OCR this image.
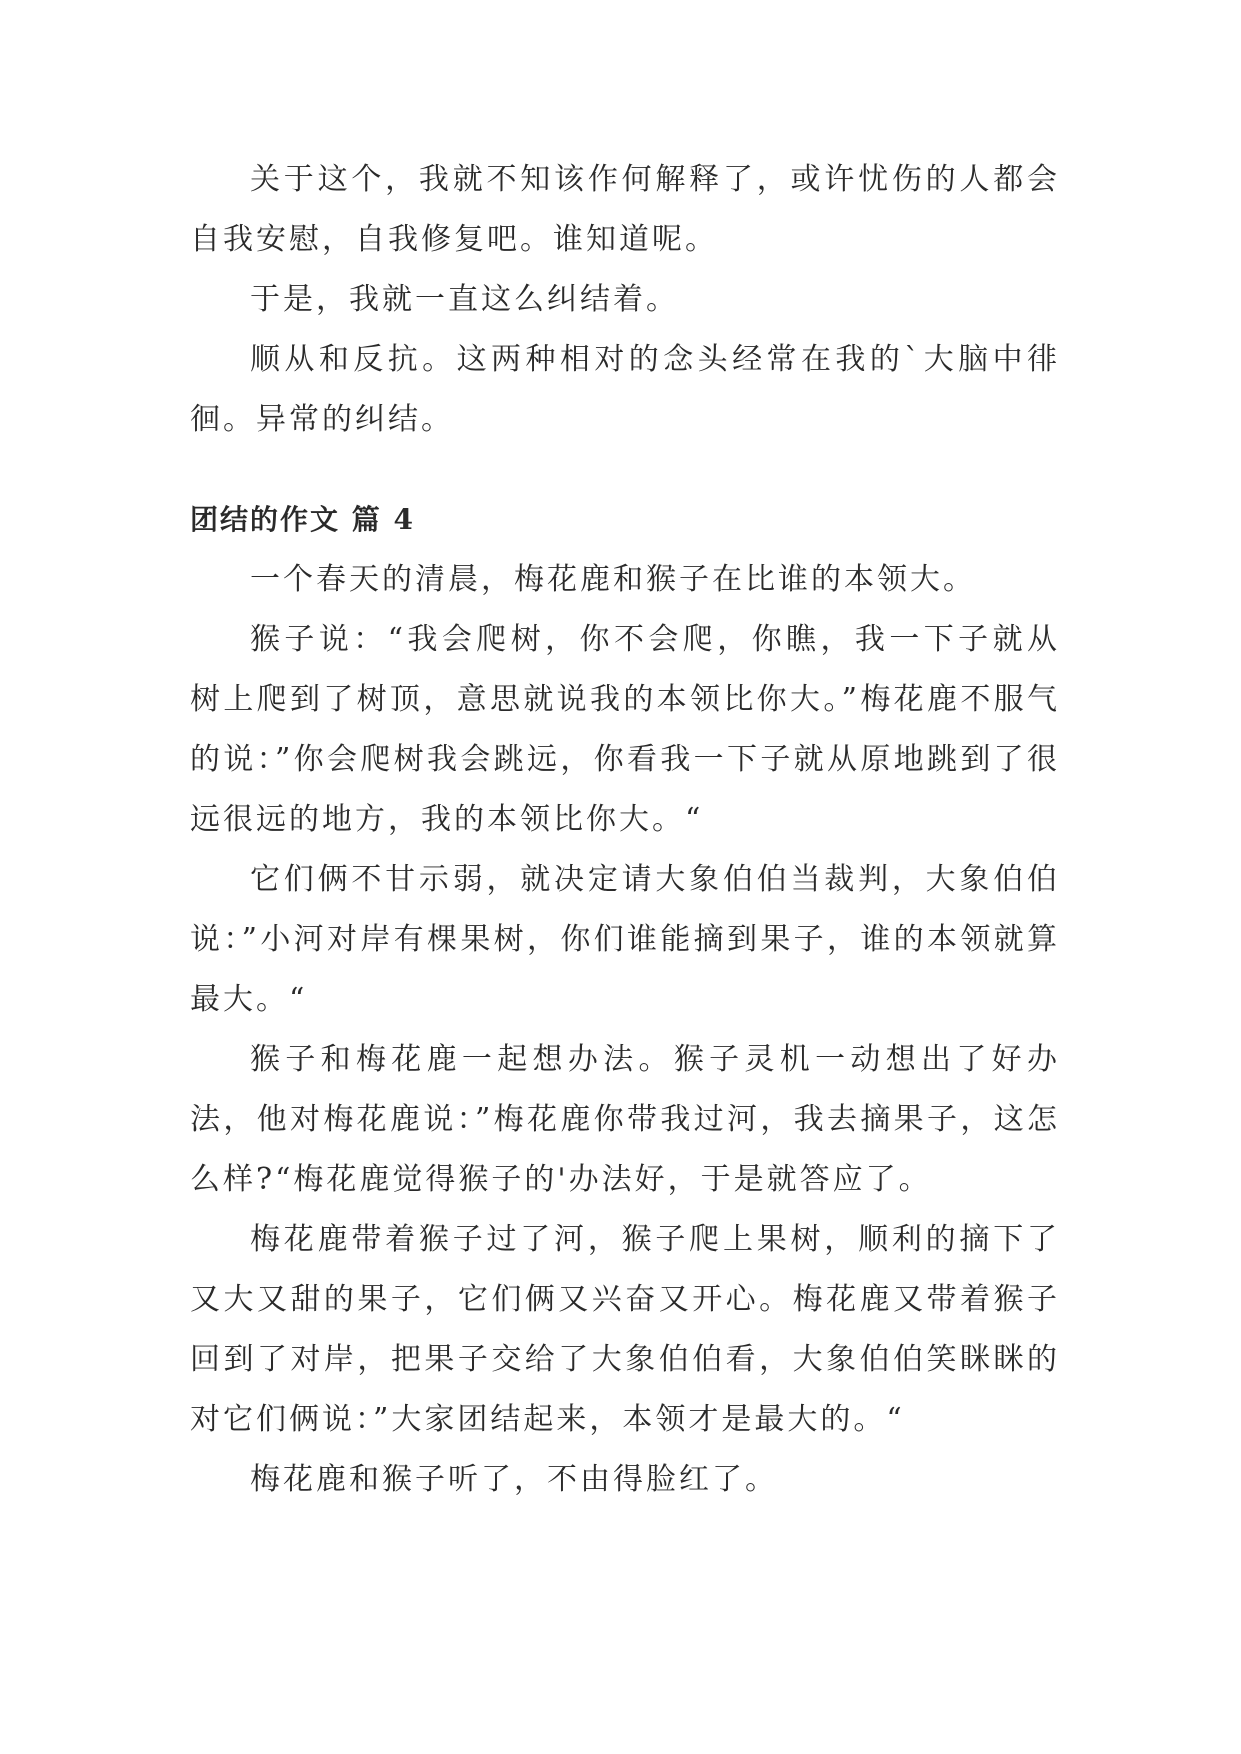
关于这个，我就不知该作何解释了，或许忧伤的人都会自我安慰，自我修复吧。谁知道呢。

于是，我就一直这么纠结着。

顺从和反抗。这两种相对的念头经常在我的`大脑中徘徊。异常的纠结。

团结的作文 篇 4

一个春天的清晨，梅花鹿和猴子在比谁的本领大。

猴子说：“我会爬树，你不会爬，你瞧，我一下子就从树上爬到了树顶，意思就说我的本领比你大。”梅花鹿不服气的说：”你会爬树我会跳远，你看我一下子就从原地跳到了很远很远的地方，我的本领比你大。“

它们俩不甘示弱，就决定请大象伯伯当裁判，大象伯伯说：”小河对岸有棵果树，你们谁能摘到果子，谁的本领就算最大。“

猴子和梅花鹿一起想办法。猴子灵机一动想出了好办法，他对梅花鹿说：”梅花鹿你带我过河，我去摘果子，这怎么样?“梅花鹿觉得猴子的'办法好，于是就答应了。

梅花鹿带着猴子过了河，猴子爬上果树，顺利的摘下了又大又甜的果子，它们俩又兴奋又开心。梅花鹿又带着猴子回到了对岸，把果子交给了大象伯伯看，大象伯伯笑眯眯的对它们俩说：”大家团结起来，本领才是最大的。“

梅花鹿和猴子听了，不由得脸红了。
